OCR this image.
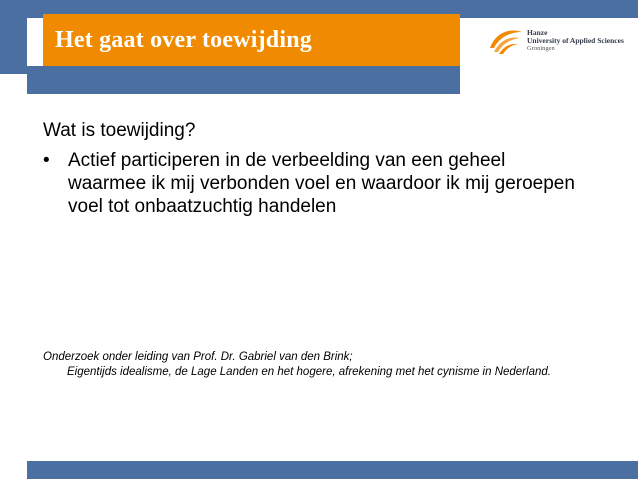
Het gaat over toewijding	Hanze
University of Applied Sciences
Groningen
Wat is toewijding?
• Actief participeren in de verbeelding van een geheel waarmee ik mij verbonden voel en waardoor ik mij geroepen voel tot onbaatzuchtig handelen
Onderzoek onder leiding van Prof. Dr. Gabriel van den Brink;
Eigentijds idealisme, de Lage Landen en het hogere, afrekening met het cynisme in Nederland.
